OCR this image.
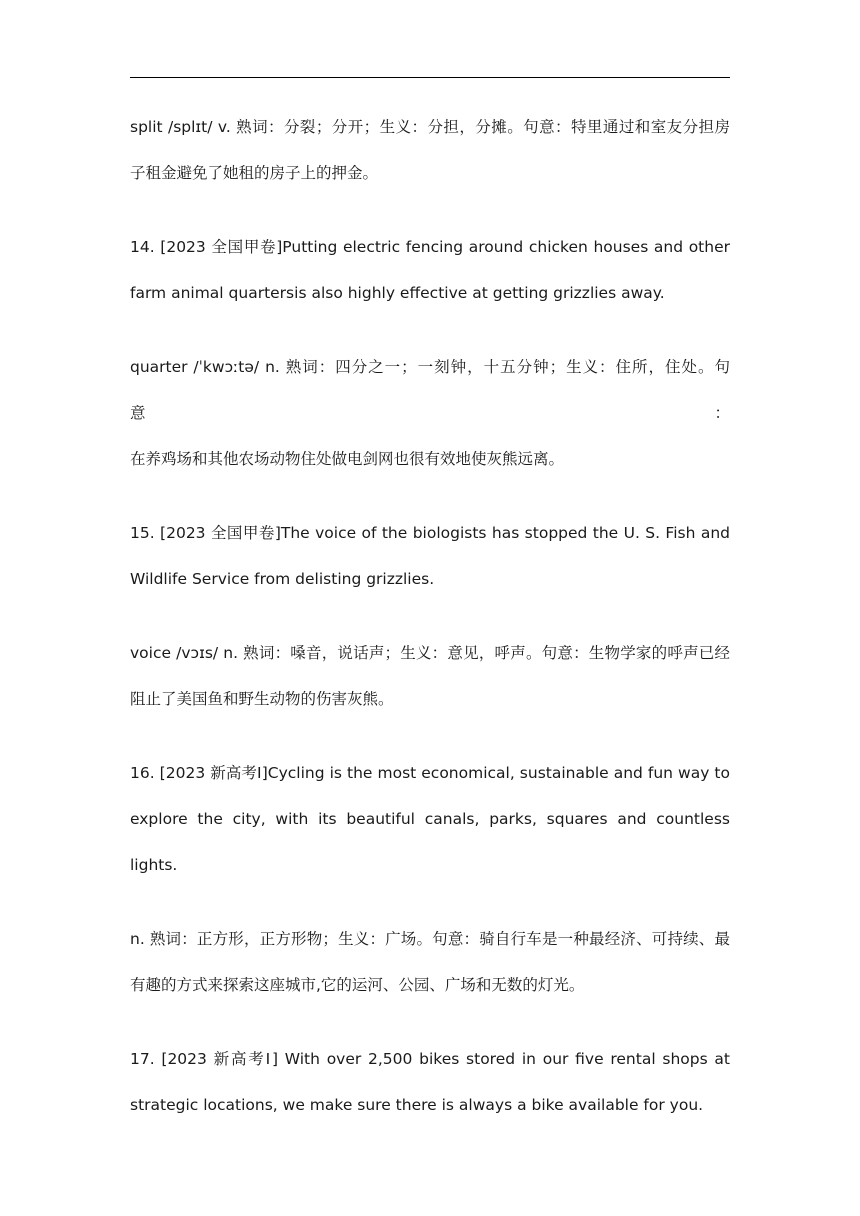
split /splɪt/ v. 熟词：分裂；分开；生义：分担，分摊。句意：特里通过和室友分担房
子租金避免了她租的房子上的押金。

14. [2023 全国甲卷]Putting electric fencing around chicken houses and other
farm animal quartersis also highly effective at getting grizzlies away.

quarter /ˈkwɔːtə/ n. 熟词：四分之一；一刻钟，十五分钟；生义：住所，住处。句意：
在养鸡场和其他农场动物住处做电剑网也很有效地使灰熊远离。

15. [2023 全国甲卷]The voice of the biologists has stopped the U. S. Fish and
Wildlife Service from delisting grizzlies.

voice /vɔɪs/ n. 熟词：嗓音，说话声；生义：意见，呼声。句意：生物学家的呼声已经
阻止了美国鱼和野生动物的伤害灰熊。

16. [2023 新高考Ⅰ]Cycling is the most economical, sustainable and fun way to
explore the city, with its beautiful canals, parks, squares and countless lights.

n. 熟词：正方形，正方形物；生义：广场。句意：骑自行车是一种最经济、可持续、最
有趣的方式来探索这座城市,它的运河、公园、广场和无数的灯光。

17. [2023 新高考Ⅰ] With over 2,500 bikes stored in our five rental shops at
strategic locations, we make sure there is always a bike available for you.
